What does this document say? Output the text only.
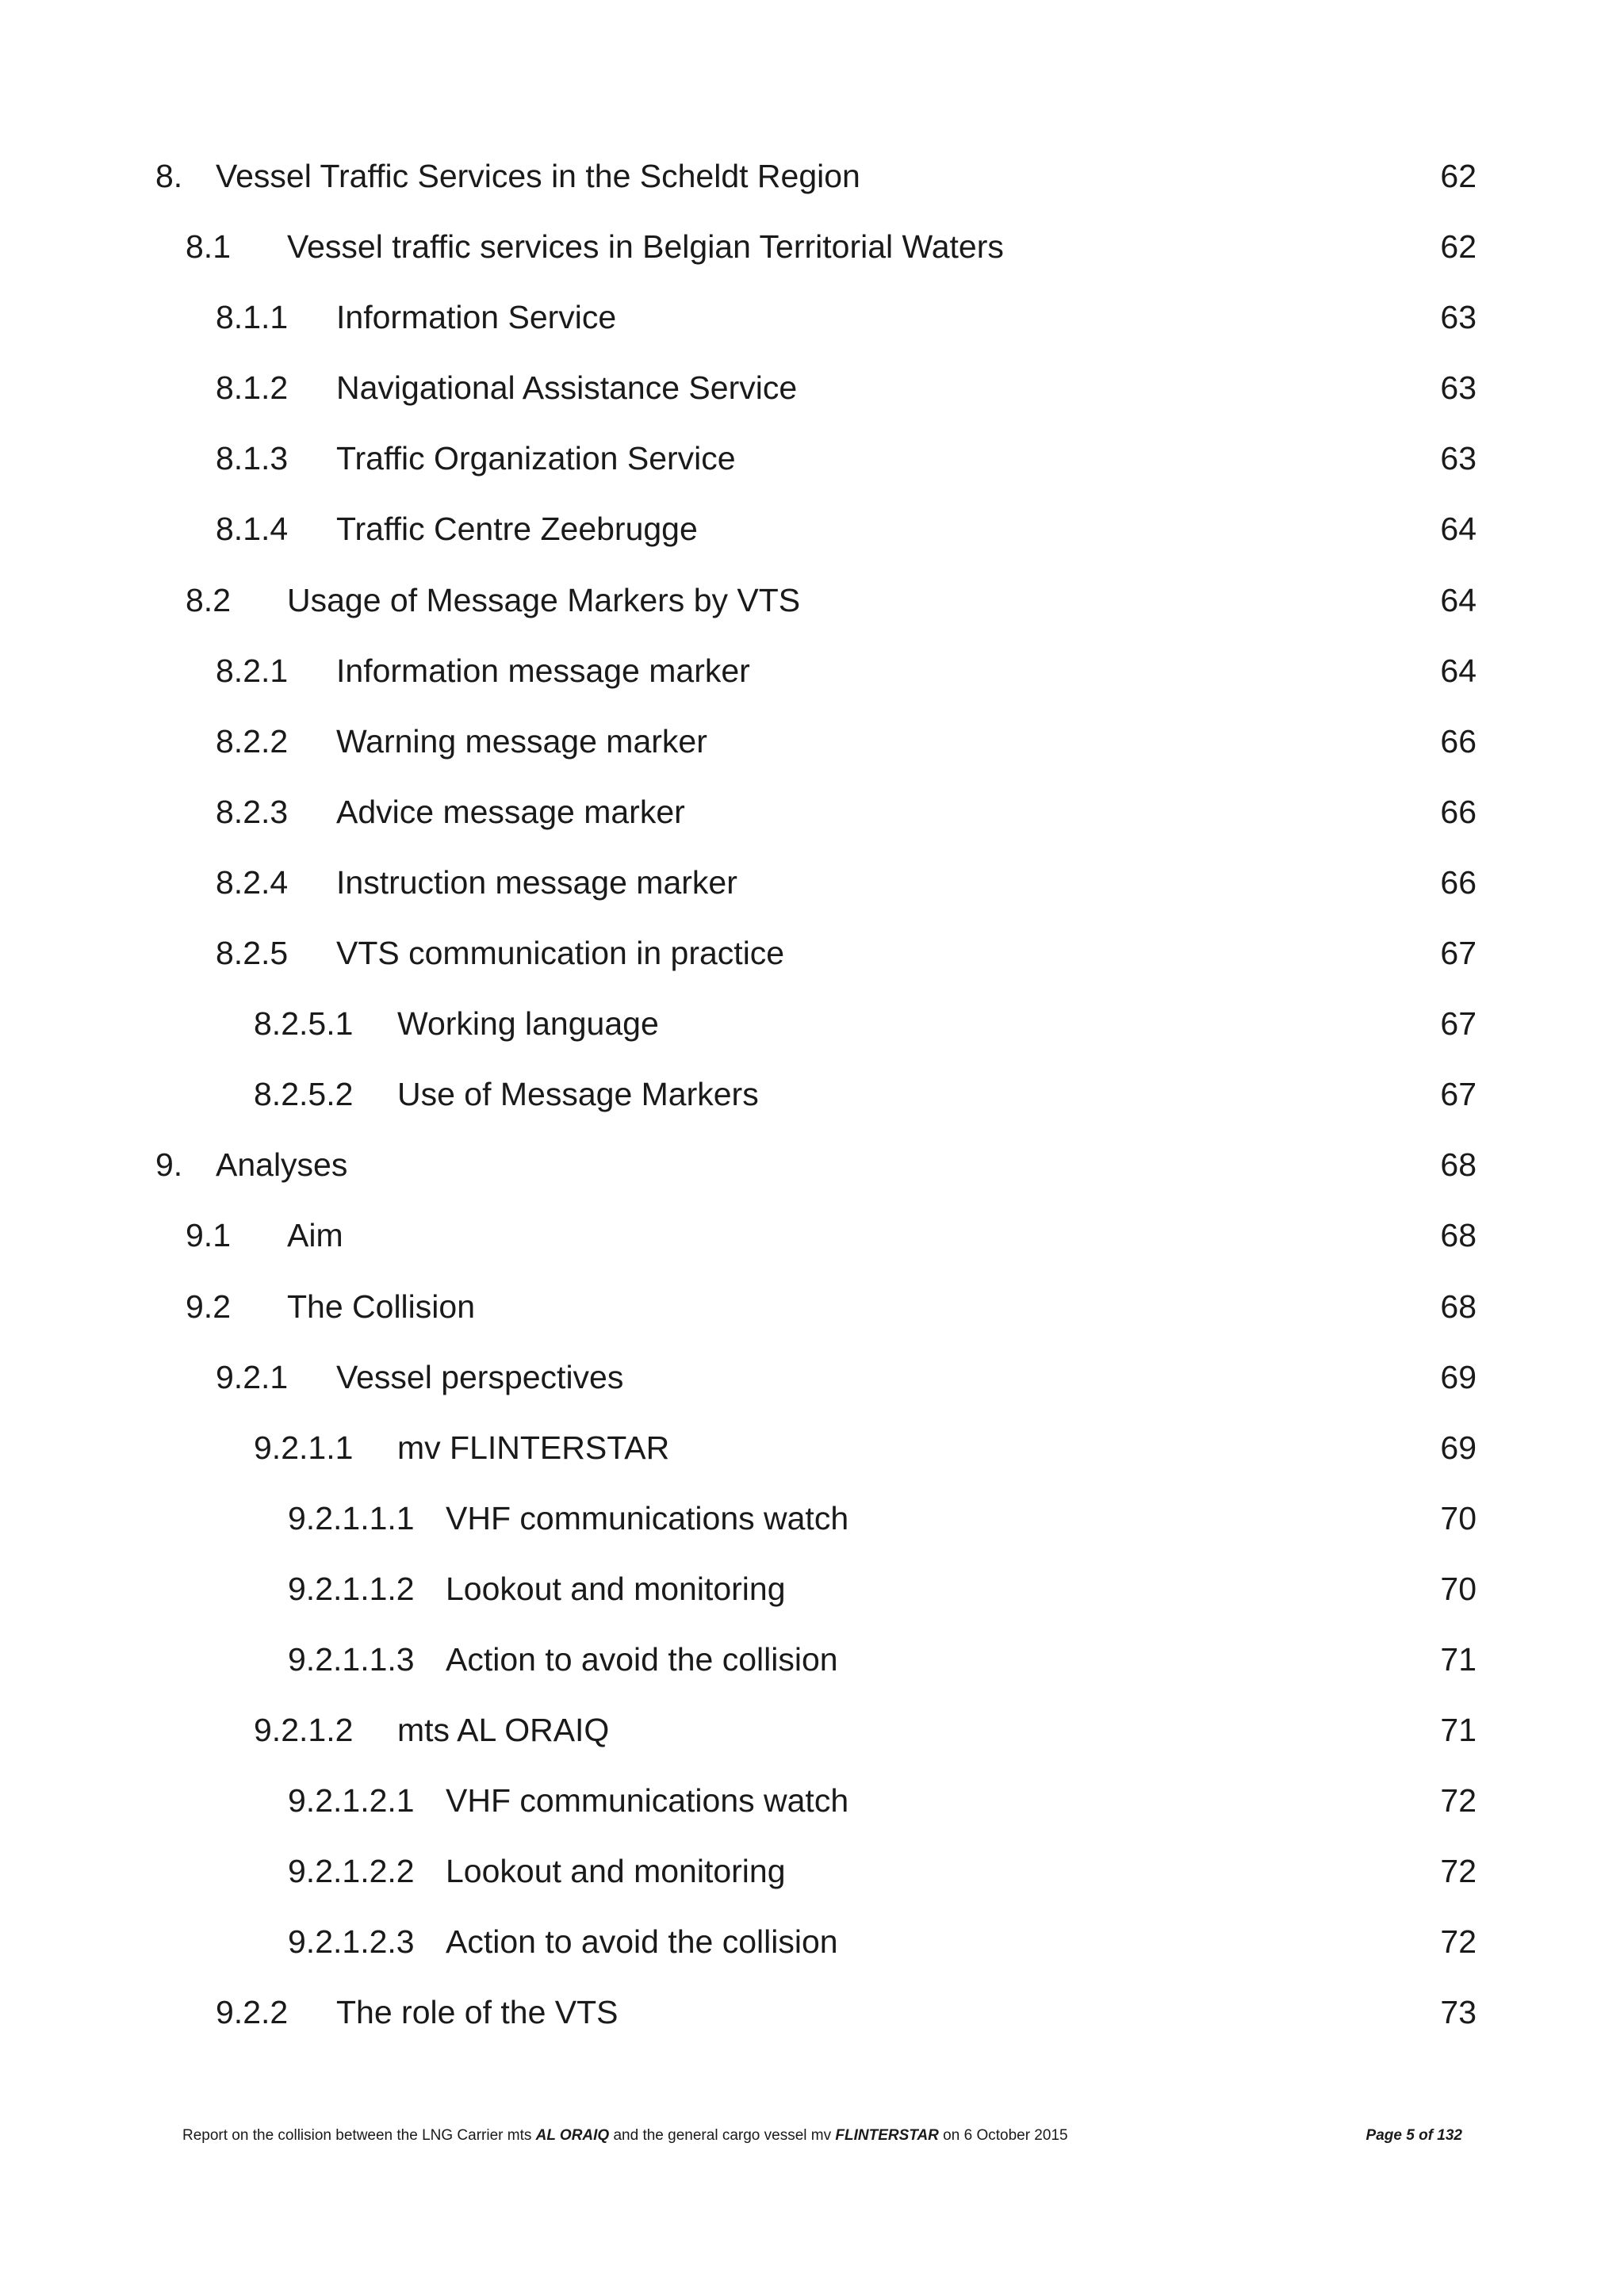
8. Vessel Traffic Services in the Scheldt Region	62
8.1 Vessel traffic services in Belgian Territorial Waters	62
8.1.1 Information Service	63
8.1.2 Navigational Assistance Service	63
8.1.3 Traffic Organization Service	63
8.1.4 Traffic Centre Zeebrugge	64
8.2 Usage of Message Markers by VTS	64
8.2.1 Information message marker	64
8.2.2 Warning message marker	66
8.2.3 Advice message marker	66
8.2.4 Instruction message marker	66
8.2.5 VTS communication in practice	67
8.2.5.1 Working language	67
8.2.5.2 Use of Message Markers	67
9. Analyses	68
9.1 Aim	68
9.2 The Collision	68
9.2.1 Vessel perspectives	69
9.2.1.1 mv FLINTERSTAR	69
9.2.1.1.1 VHF communications watch	70
9.2.1.1.2 Lookout and monitoring	70
9.2.1.1.3 Action to avoid the collision	71
9.2.1.2 mts AL ORAIQ	71
9.2.1.2.1 VHF communications watch	72
9.2.1.2.2 Lookout and monitoring	72
9.2.1.2.3 Action to avoid the collision	72
9.2.2 The role of the VTS	73
Report on the collision between the LNG Carrier mts AL ORAIQ and the general cargo vessel mv FLINTERSTAR on 6 October 2015	Page 5 of 132
